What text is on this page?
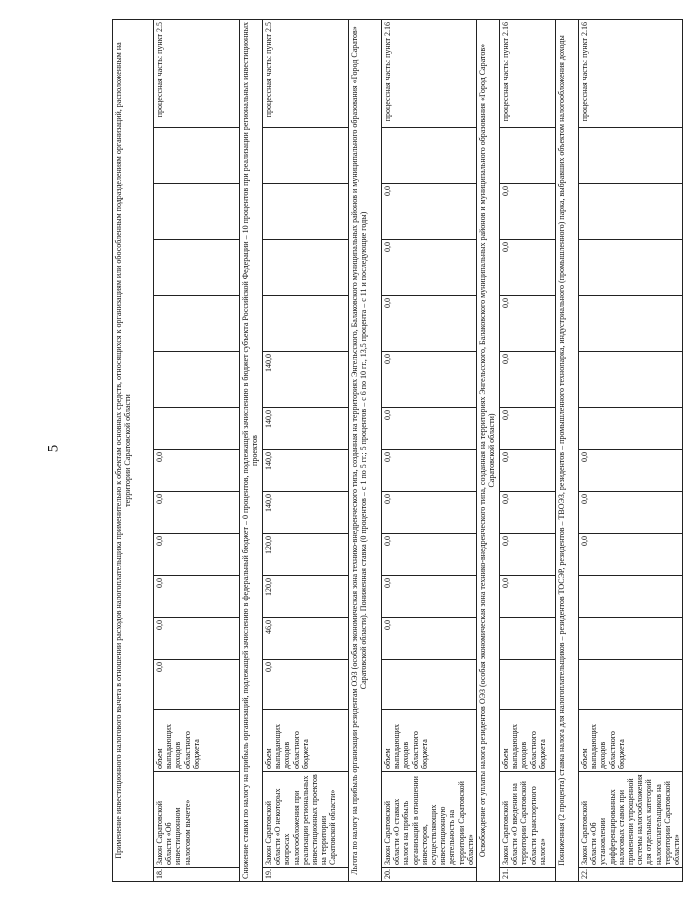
5	Применение инвестиционного налогового вычета в отношении расходов налогоплательщика применительно к объектам основных средств, относящихся к организациям или обособленным подразделениям организаций, расположенным на территории Саратовской области															
18.	Закон Саратовской области «Об инвестиционном налоговом вычете»	объем выпадающих доходов областного бюджета	0,0	0,0	0,0	0,0	0,0	0,0							процессная часть: пункт 2.5
Снижение ставки по налогу на прибыль организаций, подлежащей зачислению в федеральный бюджет – 0 процентов, подлежащей зачислению в бюджет субъекта Российской Федерации – 10 процентов при реализации региональных инвестиционных проектов															
19.	Закон Саратовской области «О некоторых вопросах налогообложения при реализации региональных инвестиционных проектов на территории Саратовской области»	объем выпадающих доходов областного бюджета	0,0	46,0	120,0	120,0	140,0	140,0	140,0	140,0					процессная часть: пункт 2.5
Льгота по налогу на прибыль организации резидентам ОЭЗ (особая экономическая зона технико-внедренческого типа, созданная на территориях Энгельсского, Балаковского муниципальных районов и муниципального образования «Город Саратов» Саратовской области). Пониженная ставка (0 процентов – с 1 по 5 гг.; 5 процентов – с 6 по 10 гг., 13,5 процента – с 11 и последующие годы)															
20.	Закон Саратовской области «О ставках налога на прибыль организаций в отношении инвесторов, осуществляющих инвестиционную деятельность на территории Саратовской области»	объем выпадающих доходов областного бюджета		0,0	0,0	0,0	0,0	0,0	0,0	0,0	0,0	0,0	0,0		процессная часть: пункт 2.16
Освобождение от уплаты налога резидентов ОЭЗ (особая экономическая зона технико-внедренческого типа, созданная на территориях Энгельсского, Балаковского муниципальных районов и муниципального образования «Город Саратов» Саратовской области)															
21.	Закон Саратовской области «О введении на территории Саратовской области транспортного налога»	объем выпадающих доходов областного бюджета			0,0	0,0	0,0	0,0	0,0	0,0	0,0	0,0	0,0		процессная часть: пункт 2.16
Пониженная (2 процента) ставка налога для налогоплательщиков – резидентов ТОСЭР, резидентов – ТВОЭЗ, резидентов – промышленного технопарка, индустриального (промышленного) парка, выбравших объектом налогообложения доходы															
22.	Закон Саратовской области «Об установлении дифференцированных налоговых ставок при применении упрощенной системы налогообложения для отдельных категорий налогоплательщиков на территории Саратовской области»	объем выпадающих доходов областного бюджета				0,0	0,0	0,0							процессная часть: пункт 2.16
